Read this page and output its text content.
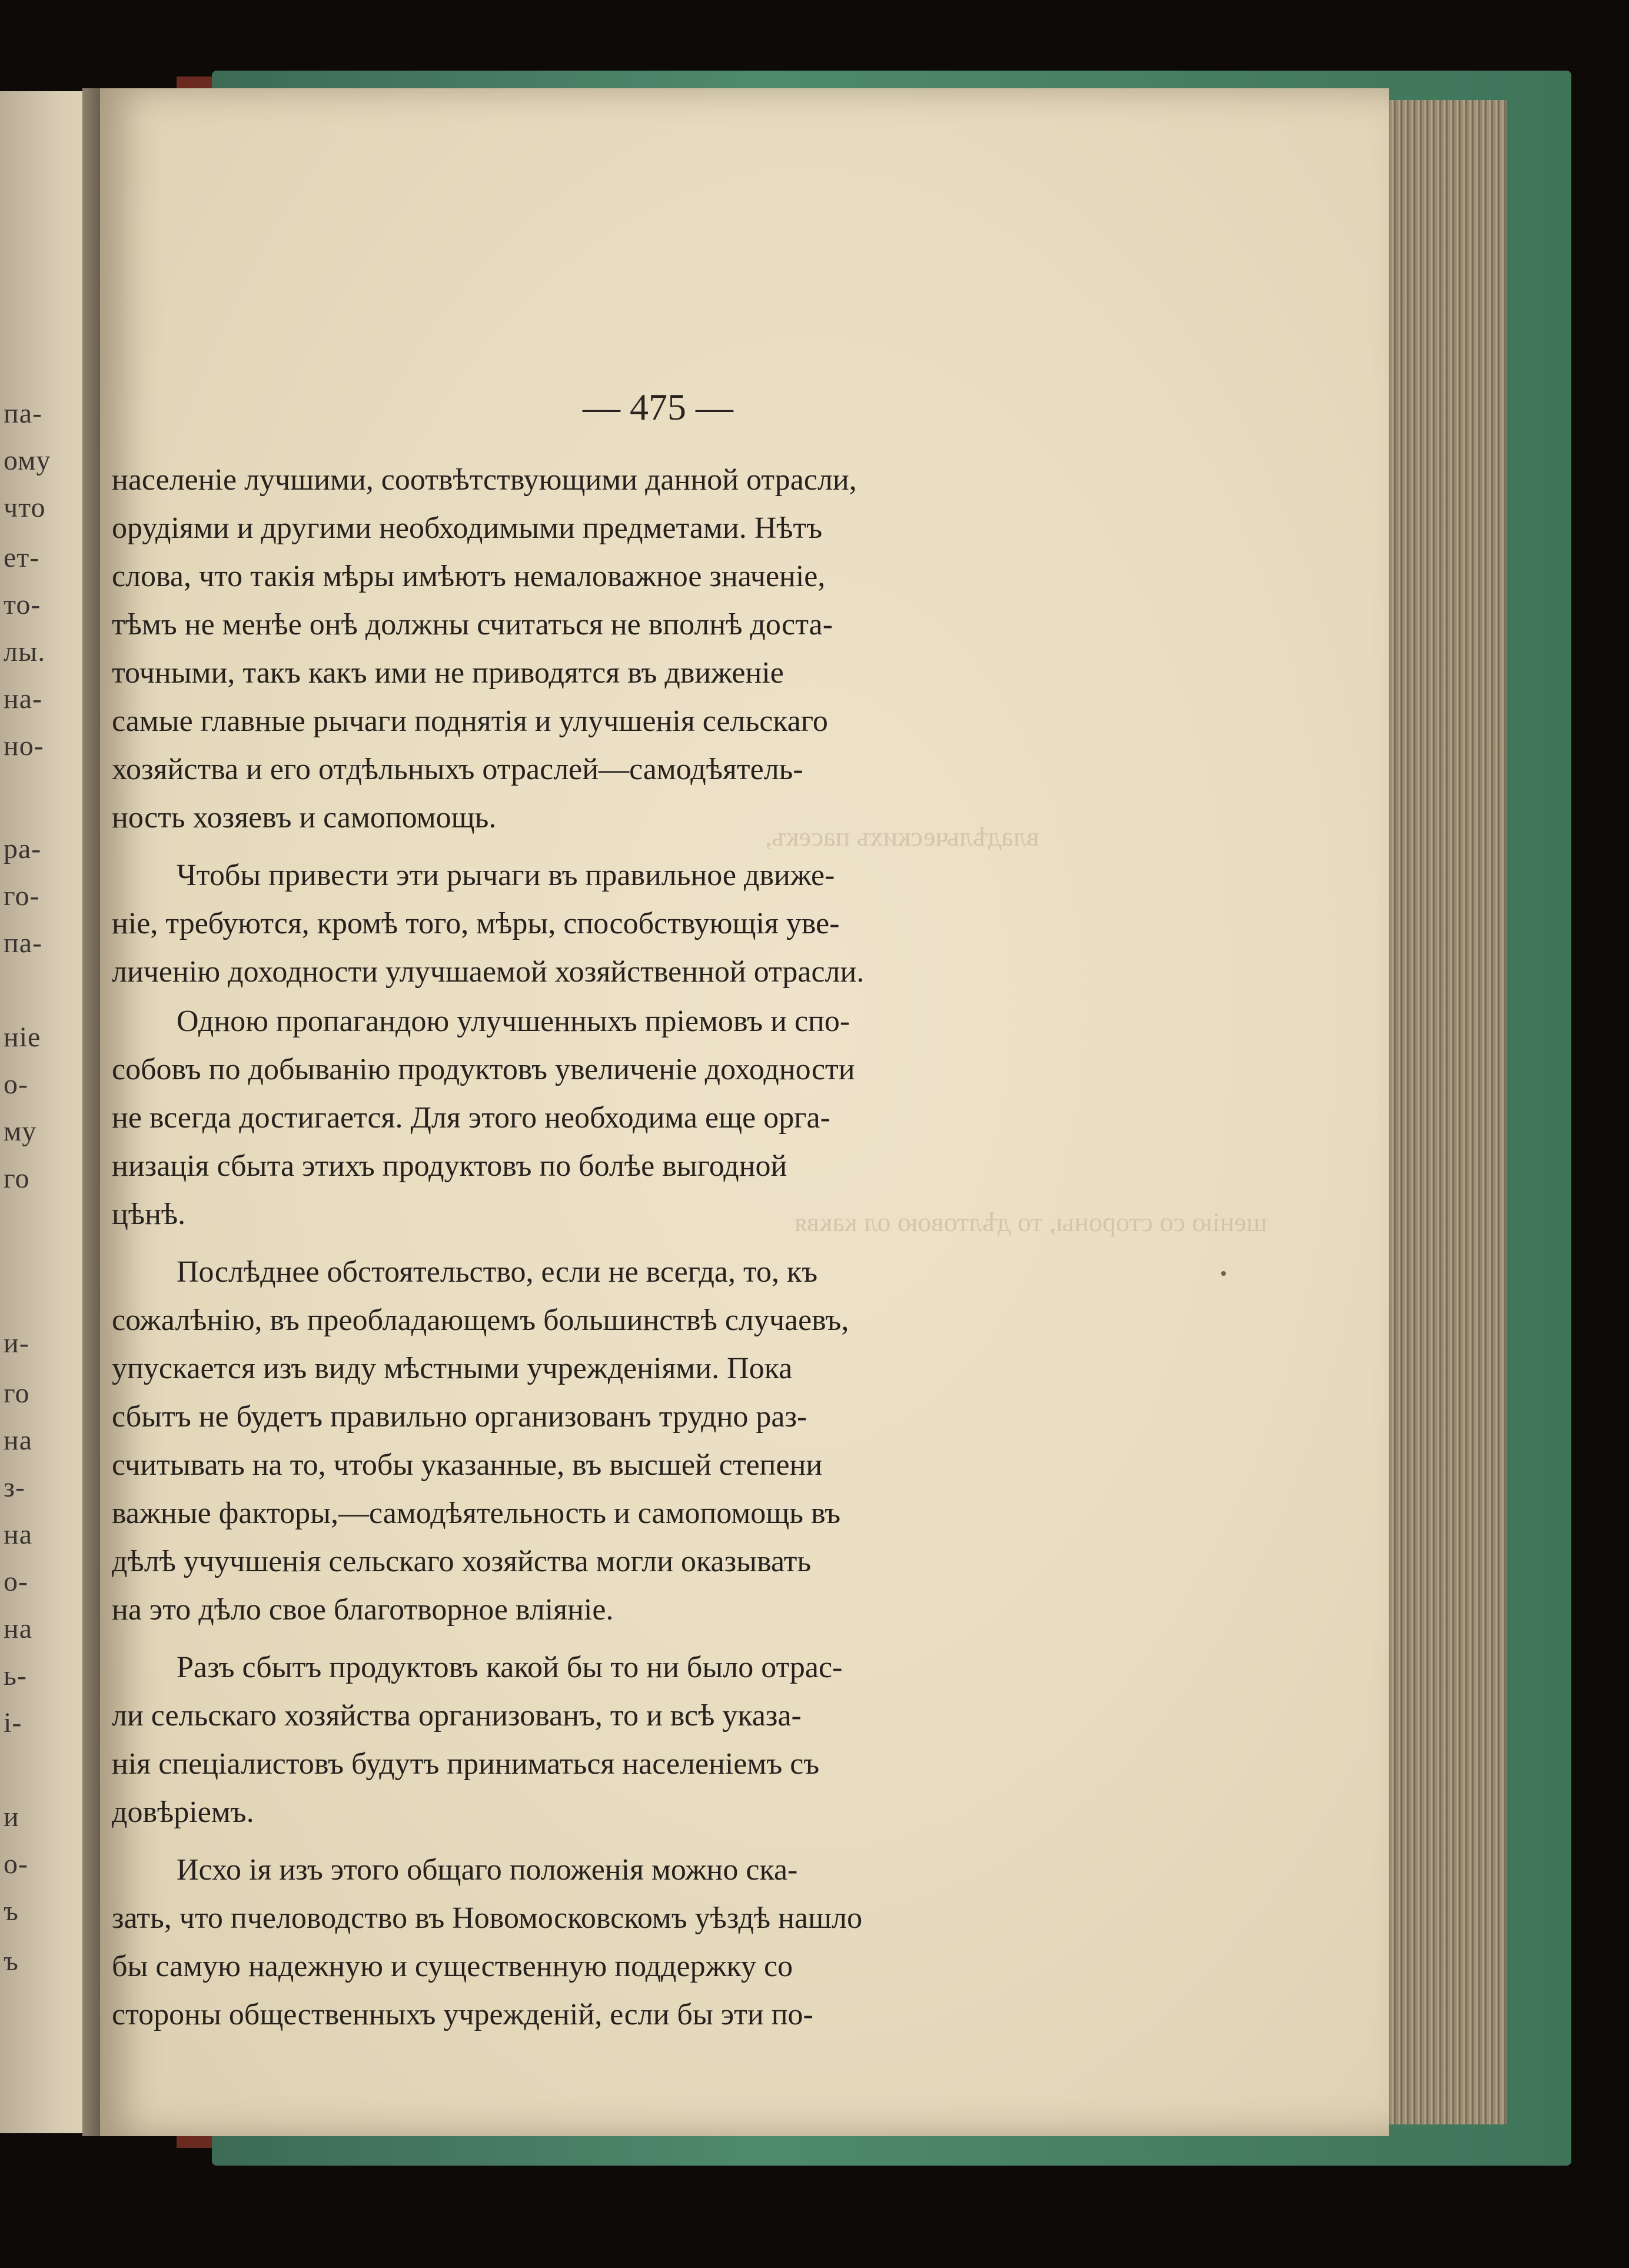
па-
ому
что
ет-
то-
лы.
на-
но-
ра-
го-
па-
ніе
о-
му
го
и-
го
на
з-
на
о-
на
ь-
і-
и
о-
ъ
ъ
— 475 —
владѣльческихъ пасекъ,
шенію со стороны, то дѣлтовою ол каквя
населеніе лучшими, соотвѣтствующими данной отрасли,
орудіями и другими необходимыми предметами. Нѣтъ
слова, что такія мѣры имѣютъ немаловажное значеніе,
тѣмъ не менѣе онѣ должны считаться не вполнѣ доста-
точными, такъ какъ ими не приводятся въ движеніе
самые главные рычаги поднятія и улучшенія сельскаго
хозяйства и его отдѣльныхъ отраслей—самодѣятель-
ность хозяевъ и самопомощь.
Чтобы привести эти рычаги въ правильное движе-
ніе, требуются, кромѣ того, мѣры, способствующія уве-
личенію доходности улучшаемой хозяйственной отрасли.
Одною пропагандою улучшенныхъ пріемовъ и спо-
собовъ по добыванію продуктовъ увеличеніе доходности
не всегда достигается. Для этого необходима еще орга-
низація сбыта этихъ продуктовъ по болѣе выгодной
цѣнѣ.
Послѣднее обстоятельство, если не всегда, то, къ
сожалѣнію, въ преобладающемъ большинствѣ случаевъ,
упускается изъ виду мѣстными учрежденіями. Пока
сбытъ не будетъ правильно организованъ трудно раз-
считывать на то, чтобы указанные, въ высшей степени
важные факторы,—самодѣятельность и самопомощь въ
дѣлѣ учучшенія сельскаго хозяйства могли оказывать
на это дѣло свое благотворное вліяніе.
Разъ сбытъ продуктовъ какой бы то ни было отрас-
ли сельскаго хозяйства организованъ, то и всѣ указа-
нія спеціалистовъ будутъ приниматься населеніемъ съ
довѣріемъ.
Исхо ія изъ этого общаго положенія можно ска-
зать, что пчеловодство въ Новомосковскомъ уѣздѣ нашло
бы самую надежную и существенную поддержку со
стороны общественныхъ учрежденій, если бы эти по-
